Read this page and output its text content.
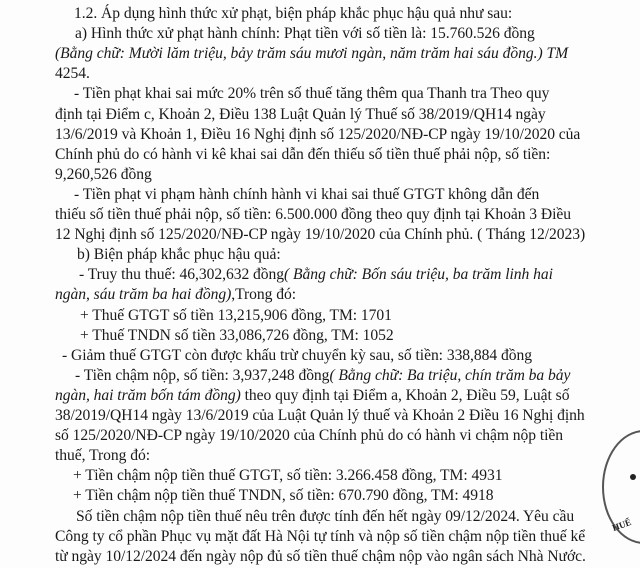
1.2. Áp dụng hình thức xử phạt, biện pháp khắc phục hậu quả như sau:
a) Hình thức xử phạt hành chính: Phạt tiền với số tiền là: 15.760.526 đồng
(Bằng chữ: Mười lăm triệu, bảy trăm sáu mươi ngàn, năm trăm hai sáu đồng.) TM
4254.
- Tiền phạt khai sai mức 20% trên số thuế tăng thêm qua Thanh tra Theo quy
định tại Điểm c, Khoản 2, Điều 138 Luật Quản lý Thuế số 38/2019/QH14 ngày
13/6/2019 và Khoản 1, Điều 16 Nghị định số 125/2020/NĐ-CP ngày 19/10/2020 của
Chính phủ do có hành vi kê khai sai dẫn đến thiếu số tiền thuế phải nộp, số tiền:
9,260,526 đồng
- Tiền phạt vi phạm hành chính hành vi khai sai thuế GTGT không dẫn đến
thiếu số tiền thuế phải nộp, số tiền: 6.500.000 đồng theo quy định tại Khoản 3 Điều
12 Nghị định số 125/2020/NĐ-CP ngày 19/10/2020 của Chính phủ. ( Tháng 12/2023)
b) Biện pháp khắc phục hậu quả:
- Truy thu thuế: 46,302,632 đồng( Bằng chữ: Bốn sáu triệu, ba trăm linh hai
ngàn, sáu trăm ba hai đồng),Trong đó:
+ Thuế GTGT số tiền 13,215,906 đồng, TM: 1701
+ Thuế TNDN số tiền 33,086,726 đồng, TM: 1052
- Giảm thuế GTGT còn được khấu trừ chuyển kỳ sau, số tiền: 338,884 đồng
- Tiền chậm nộp, số tiền: 3,937,248 đồng( Bằng chữ: Ba triệu, chín trăm ba bảy
ngàn, hai trăm bốn tám đồng) theo quy định tại Điểm a, Khoản 2, Điều 59, Luật số
38/2019/QH14 ngày 13/6/2019 của Luật Quản lý thuế và Khoản 2 Điều 16 Nghị định
số 125/2020/NĐ-CP ngày 19/10/2020 của Chính phủ do có hành vi chậm nộp tiền
thuế, Trong đó:
+ Tiền chậm nộp tiền thuế GTGT, số tiền: 3.266.458 đồng, TM: 4931
+ Tiền chậm nộp tiền thuế TNDN, số tiền: 670.790 đồng, TM: 4918
Số tiền chậm nộp tiền thuế nêu trên được tính đến hết ngày 09/12/2024. Yêu cầu
Công ty cổ phần Phục vụ mặt đất Hà Nội tự tính và nộp số tiền chậm nộp tiền thuế kể
từ ngày 10/12/2024 đến ngày nộp đủ số tiền thuế chậm nộp vào ngân sách Nhà Nước.
HUẾ
